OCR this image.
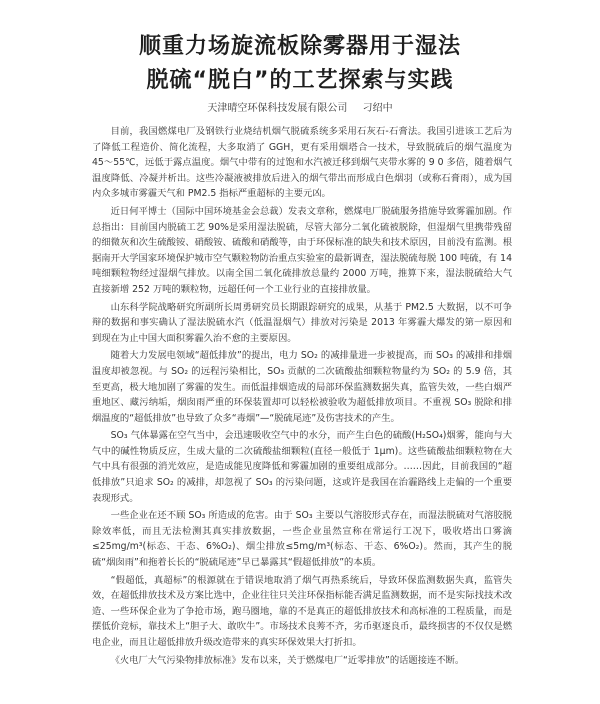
顺重力场旋流板除雾器用于湿法
脱硫“脱白”的工艺探索与实践
天津晴空环保科技发展有限公司 刁绍中

目前，我国燃煤电厂及钢铁行业烧结机烟气脱硫系统多采用石灰石-石膏法。我国引进该工艺后为了降低工程造价、简化流程，大多取消了 GGH，更有采用烟塔合一技术，导致脱硫后的烟气温度为 45～55℃，远低于露点温度。烟气中带有的过饱和水汽被迁移到烟气夹带水雾的 9 0 多倍，随着烟气温度降低、冷凝并析出。这些冷凝液被排放后进入的烟气带出而形成白色烟羽（或称石膏雨），成为国内众多城市雾霾天气和 PM2.5 指标严重超标的主要元凶。

近日何平博士（国际中国环境基金会总裁）发表文章称，燃煤电厂脱硫服务措施导致雾霾加剧。作总指出：目前国内脱硫工艺 90%是采用湿法脱硫，尽管大部分二氧化硫被脱除，但湿烟气里携带残留的细微灰和次生硫酸铵、硝酸铵、硫酸和硝酸等，由于环保标准的缺失和技术原因，目前没有监测。根据南开大学国家环境保护城市空气颗粒物防治重点实验室的最新调查，湿法脱硫每脱 100 吨硫，有 14 吨细颗粒物经过湿烟气排放。以南全国二氧化硫排放总量约 2000 万吨，推算下来，湿法脱硫给大气直接新增 252 万吨的颗粒物，远超任何一个工业行业的直接排放量。

山东科学院战略研究所副所长周勇研究员长期跟踪研究的成果，从基于 PM2.5 大数据，以不可争辩的数据和事实确认了湿法脱硫水汽（低温湿烟气）排放对污染是 2013 年雾霾大爆发的第一原因和到现在为止中国大面积雾霾久治不愈的主要原因。

随着大力发展电领域“超低排放”的提出，电力 SO₂ 的减排量进一步被提高，而 SO₃ 的减排和排烟温度却被忽视。与 SO₂ 的远程污染相比，SO₃ 贡献的二次硫酸盐细颗粒物量约为 SO₂ 的 5.9 倍，其至更高，极大地加剧了雾霾的发生。而低温排烟造成的局部环保监测数据失真，监管失效，一些白烟严重地区、藏污纳垢，烟囱雨严重的环保装置却可以轻松被验收为超低排放项目。不重视 SO₃ 脱除和排烟温度的“超低排放”也导致了众多“毒烟”—“脱硫尾迹”及伤害技术的产生。

SO₃ 气体暴露在空气当中，会迅速吸收空气中的水分，而产生白色的硫酸(H₂SO₄)烟雾，能向与大气中的碱性物质反应，生成大量的二次硫酸盐细颗粒(直径一般低于 1μm)。这些硫酸盐细颗粒物在大气中具有很强的消光效应，是造成能见度降低和雾霾加剧的重要组成部分。……因此，目前我国的“超低排放”只追求 SO₂ 的减排，却忽视了 SO₃ 的污染问题，这或许是我国在治霾路线上走偏的一个重要表现形式。

一些企业在还不顾 SO₃ 所造成的危害。由于 SO₃ 主要以气溶胶形式存在，而湿法脱硫对气溶胶脱除效率低，而且无法检测其真实排放数据，一些企业虽然宣称在常运行工况下，吸收塔出口雾滴≤25mg/m³(标态、干态、6%O₂)、烟尘排放≤5mg/m³(标态、干态、6%O₂)。然而，其产生的脱硫“烟囱雨”和拖着长长的“脱硫尾迹”早已暴露其“假超低排放”的本质。

“假超低，真超标”的根源就在于错误地取消了烟气再热系统后，导致环保监测数据失真，监管失效，在超低排放技术及方案比选中，企业往往只关注环保指标能否满足监测数据，而不是实际找技术改造、一些环保企业为了争抢市场，跑马圈地，靠的不是真正的超低排放技术和高标准的工程质量，而是摆低价竞标，靠技术上“胆子大、敢吹牛”。市场技术良莠不齐，劣币驱逐良币，最终损害的不仅仅是燃电企业，而且让超低排放升级改造带来的真实环保效果大打折扣。

《火电厂大气污染物排放标准》发布以来，关于燃煤电厂“近零排放”的话题接连不断。
